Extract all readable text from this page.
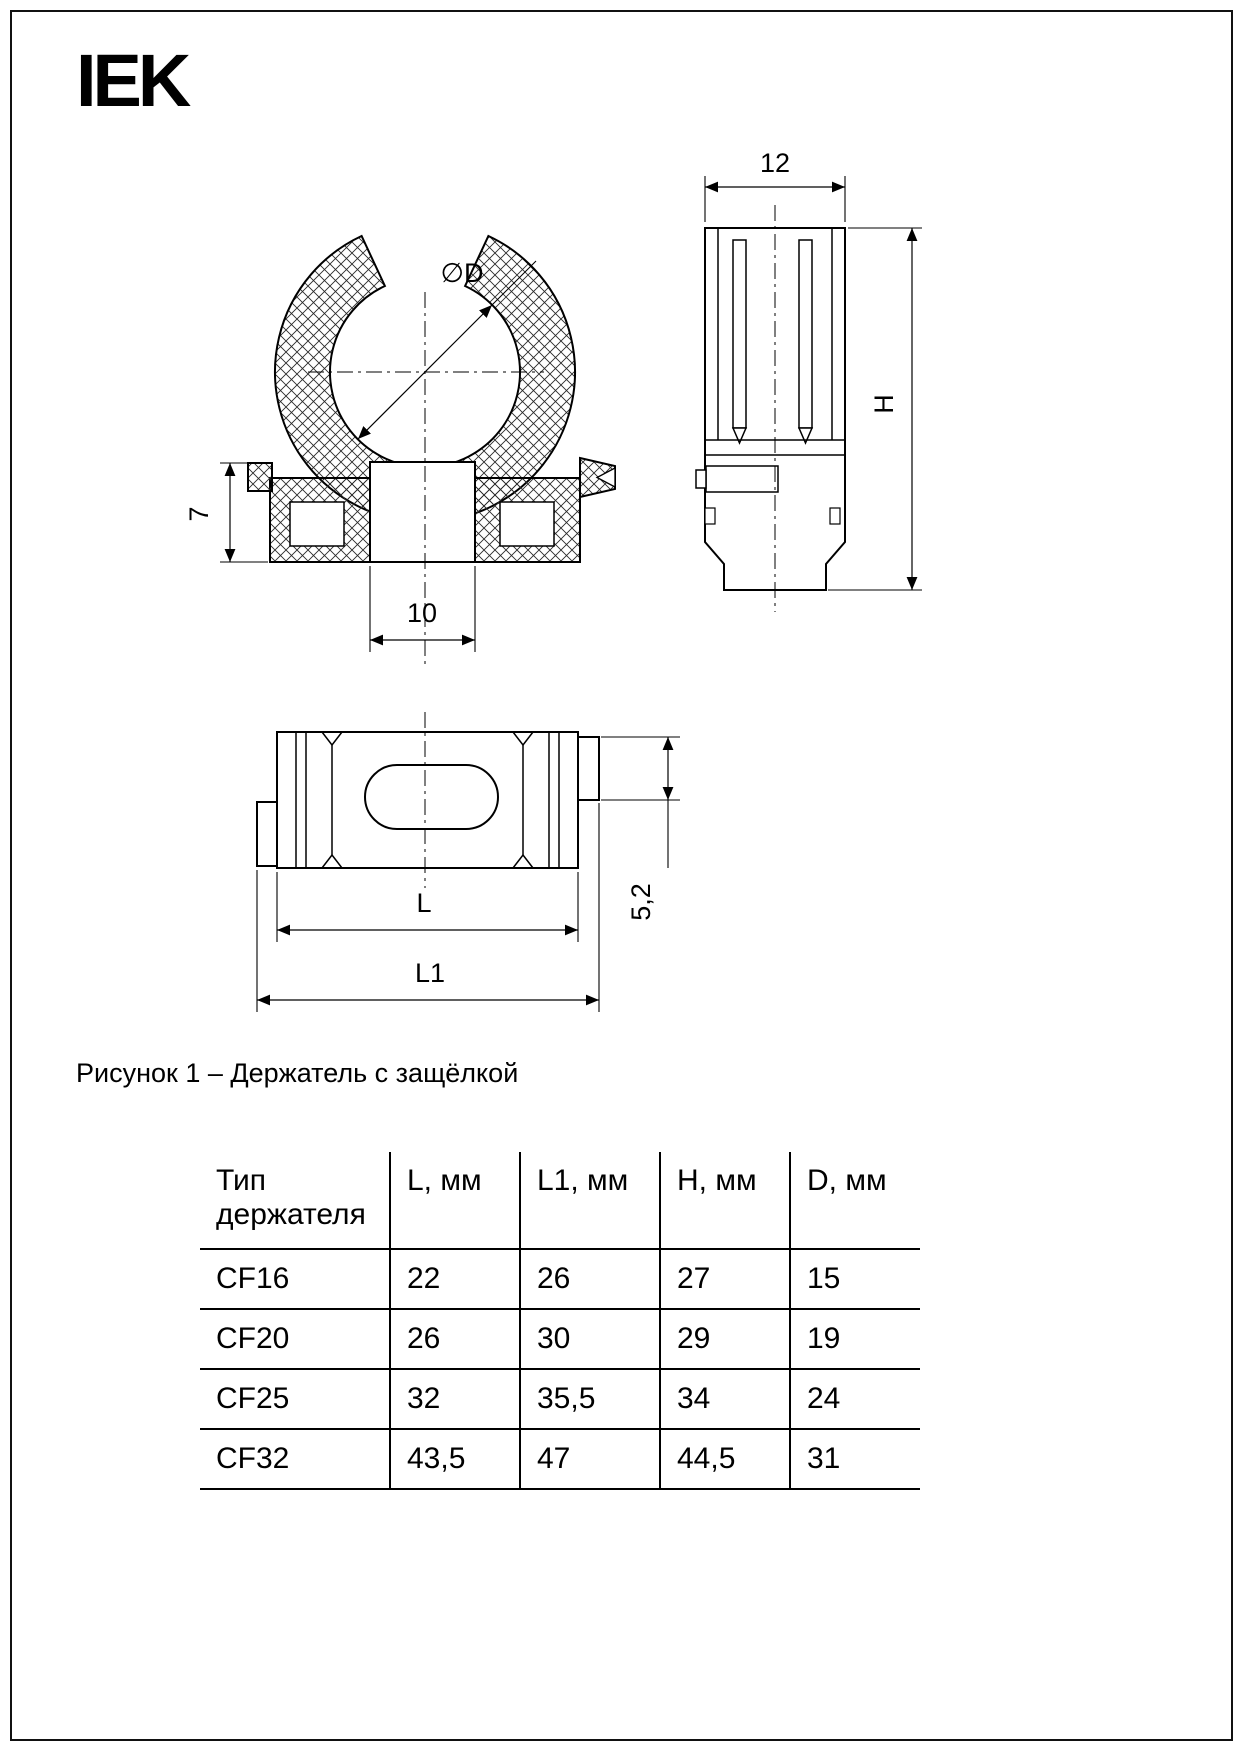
IEK
∅D
7
10
12
H
5,2
L
L1
Рисунок 1 – Держатель с защёлкой
Тип держателя	L, мм	L1, мм	H, мм	D, мм
CF16	22	26	27	15
CF20	26	30	29	19
CF25	32	35,5	34	24
CF32	43,5	47	44,5	31
